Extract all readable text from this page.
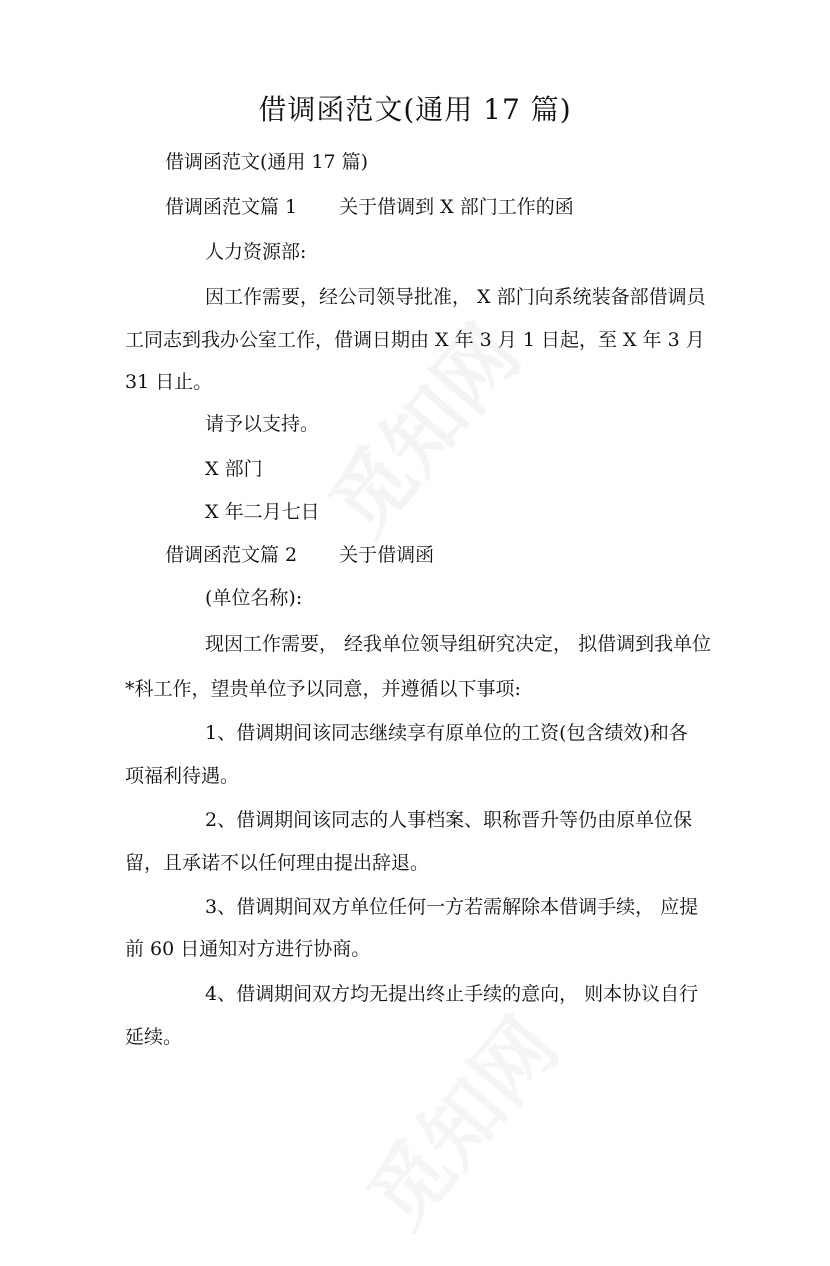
借调函范文(通用 17 篇)
借调函范文(通用 17 篇)
借调函范文篇 1 关于借调到 X 部门工作的函
人力资源部:
因工作需要，经公司领导批准， X 部门向系统装备部借调员
工同志到我办公室工作，借调日期由 X 年 3 月 1 日起，至 X 年 3 月
31 日止。
请予以支持。
X 部门
X 年二月七日
借调函范文篇 2 关于借调函
(单位名称):
现因工作需要， 经我单位领导组研究决定， 拟借调到我单位
*科工作，望贵单位予以同意，并遵循以下事项:
1、借调期间该同志继续享有原单位的工资(包含绩效)和各
项福利待遇。
2、借调期间该同志的人事档案、职称晋升等仍由原单位保
留，且承诺不以任何理由提出辞退。
3、借调期间双方单位任何一方若需解除本借调手续， 应提
前 60 日通知对方进行协商。
4、借调期间双方均无提出终止手续的意向， 则本协议自行
延续。
